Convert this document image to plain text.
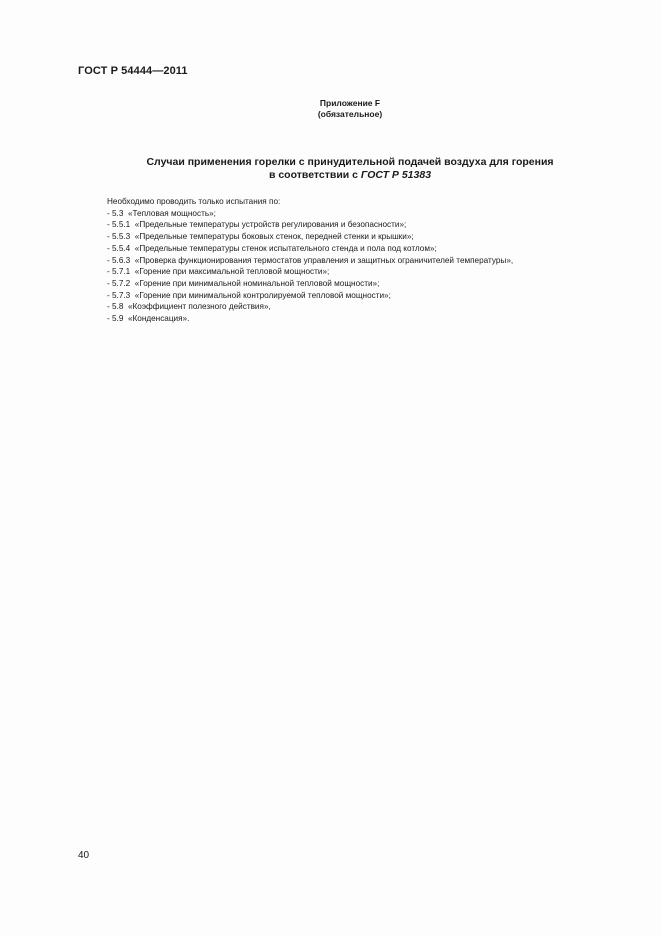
ГОСТ Р 54444—2011
Приложение F
(обязательное)
Случаи применения горелки с принудительной подачей воздуха для горения
в соответствии с ГОСТ Р 51383
Необходимо проводить только испытания по:
- 5.3 «Тепловая мощность»;
- 5.5.1 «Предельные температуры устройств регулирования и безопасности»;
- 5.5.3 «Предельные температуры боковых стенок, передней стенки и крышки»;
- 5.5.4 «Предельные температуры стенок испытательного стенда и пола под котлом»;
- 5.6.3 «Проверка функционирования термостатов управления и защитных ограничителей температуры»,
- 5.7.1 «Горение при максимальной тепловой мощности»;
- 5.7.2 «Горение при минимальной номинальной тепловой мощности»;
- 5.7.3 «Горение при минимальной контролируемой тепловой мощности»;
- 5.8 «Коэффициент полезного действия»,
- 5.9 «Конденсация».
40
